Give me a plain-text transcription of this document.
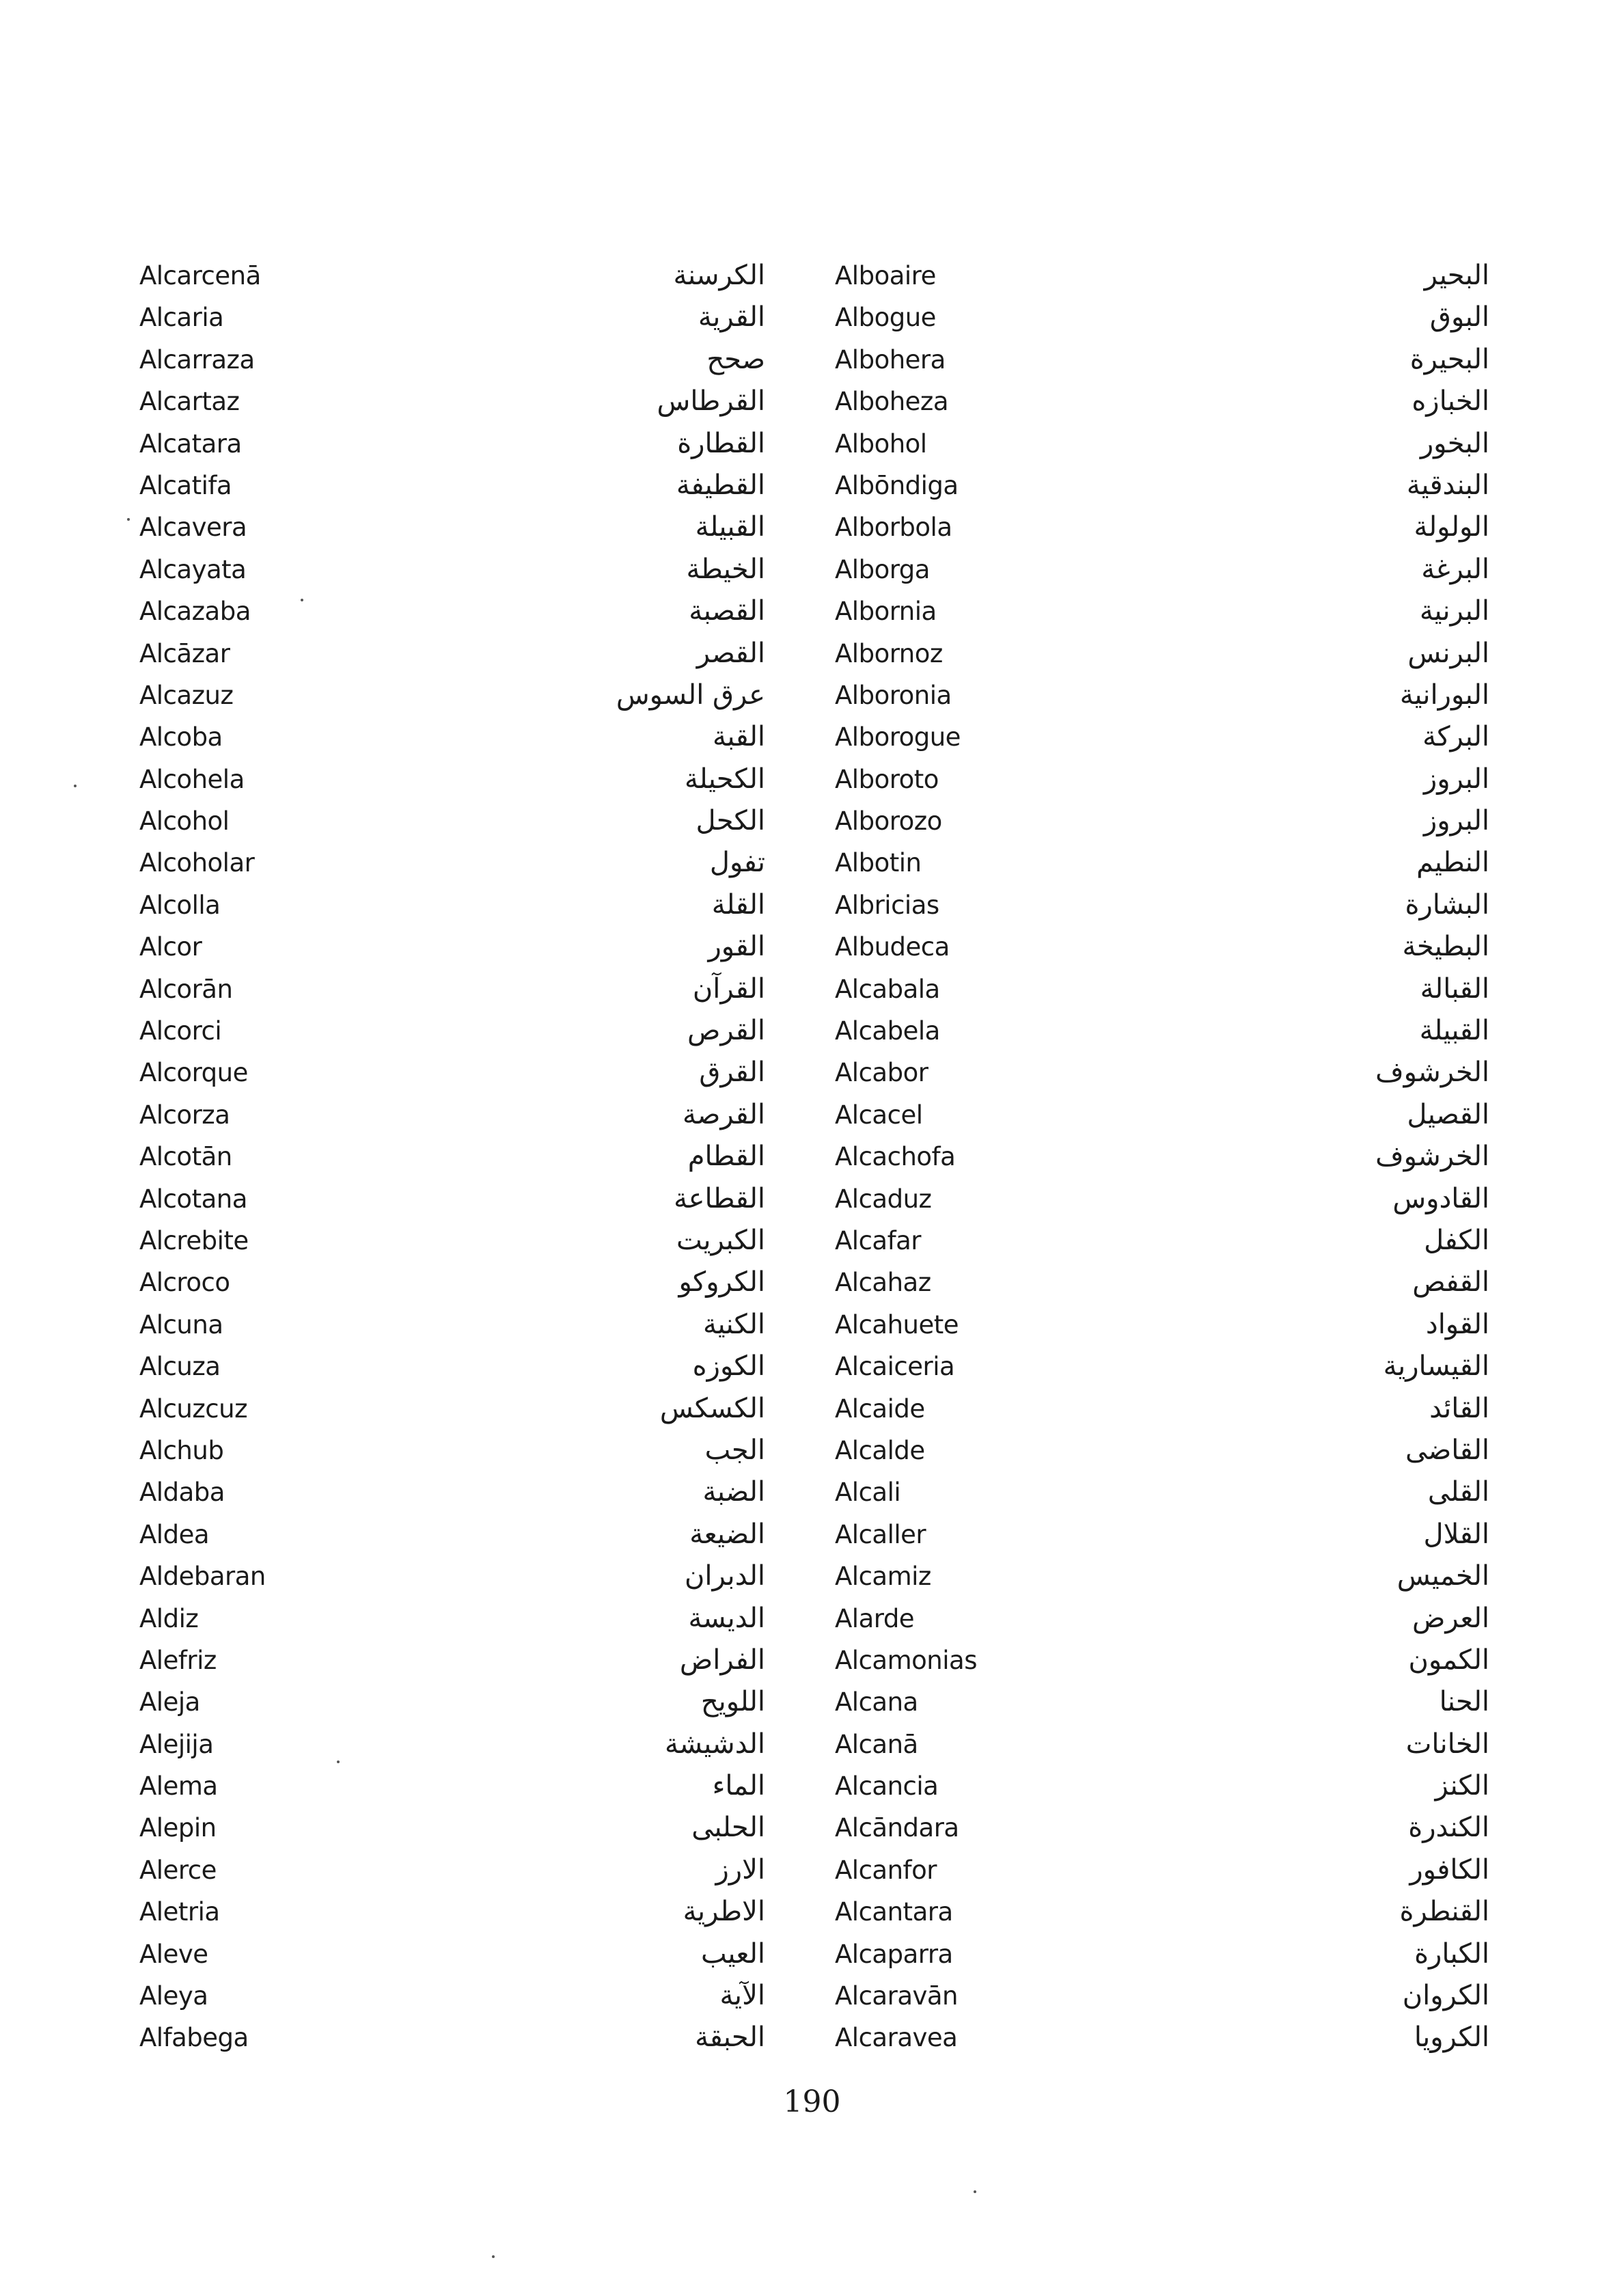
Alcarcenā
Alcaria
Alcarraza
Alcartaz
Alcatara
Alcatifa
Alcavera
Alcayata
Alcazaba
Alcāzar
Alcazuz
Alcoba
Alcohela
Alcohol
Alcoholar
Alcolla
Alcor
Alcorān
Alcorci
Alcorque
Alcorza
Alcotān
Alcotana
Alcrebite
Alcroco
Alcuna
Alcuza
Alcuzcuz
Alchub
Aldaba
Aldea
Aldebaran
Aldiz
Alefriz
Aleja
Alejija
Alema
Alepin
Alerce
Aletria
Aleve
Aleya
Alfabega
الكرسنة
القرية
صحح
القرطاس
القطارة
القطيفة
القبيلة
الخيطة
القصبة
القصر
عرق السوس
القبة
الكحيلة
الكحل
تفول
القلة
القور
القرآن
القرص
القرق
القرصة
القطام
القطاعة
الكبريت
الكروكو
الكنية
الكوزه
الكسكس
الجب
الضبة
الضيعة
الدبران
الديسة
الفراض
اللويح
الدشيشة
الماء
الحلبى
الارز
الاطرية
العيب
الآية
الحبقة
Alboaire
Albogue
Albohera
Alboheza
Albohol
Albōndiga
Alborbola
Alborga
Albornia
Albornoz
Alboronia
Alborogue
Alboroto
Alborozo
Albotin
Albricias
Albudeca
Alcabala
Alcabela
Alcabor
Alcacel
Alcachofa
Alcaduz
Alcafar
Alcahaz
Alcahuete
Alcaiceria
Alcaide
Alcalde
Alcali
Alcaller
Alcamiz
Alarde
Alcamonias
Alcana
Alcanā
Alcancia
Alcāndara
Alcanfor
Alcantara
Alcaparra
Alcaravān
Alcaravea
البحير
البوق
البحيرة
الخبازه
البخور
البندقية
الولولة
البرغة
البرنية
البرنس
البورانية
البركة
البروز
البروز
النطيم
البشارة
البطيخة
القبالة
القبيلة
الخرشوف
القصيل
الخرشوف
القادوس
الكفل
القفص
القواد
القيسارية
القائد
القاضى
القلى
القلال
الخميس
العرض
الكمون
الحنا
الخانات
الكنز
الكندرة
الكافور
القنطرة
الكبارة
الكروان
الكرويا
190
